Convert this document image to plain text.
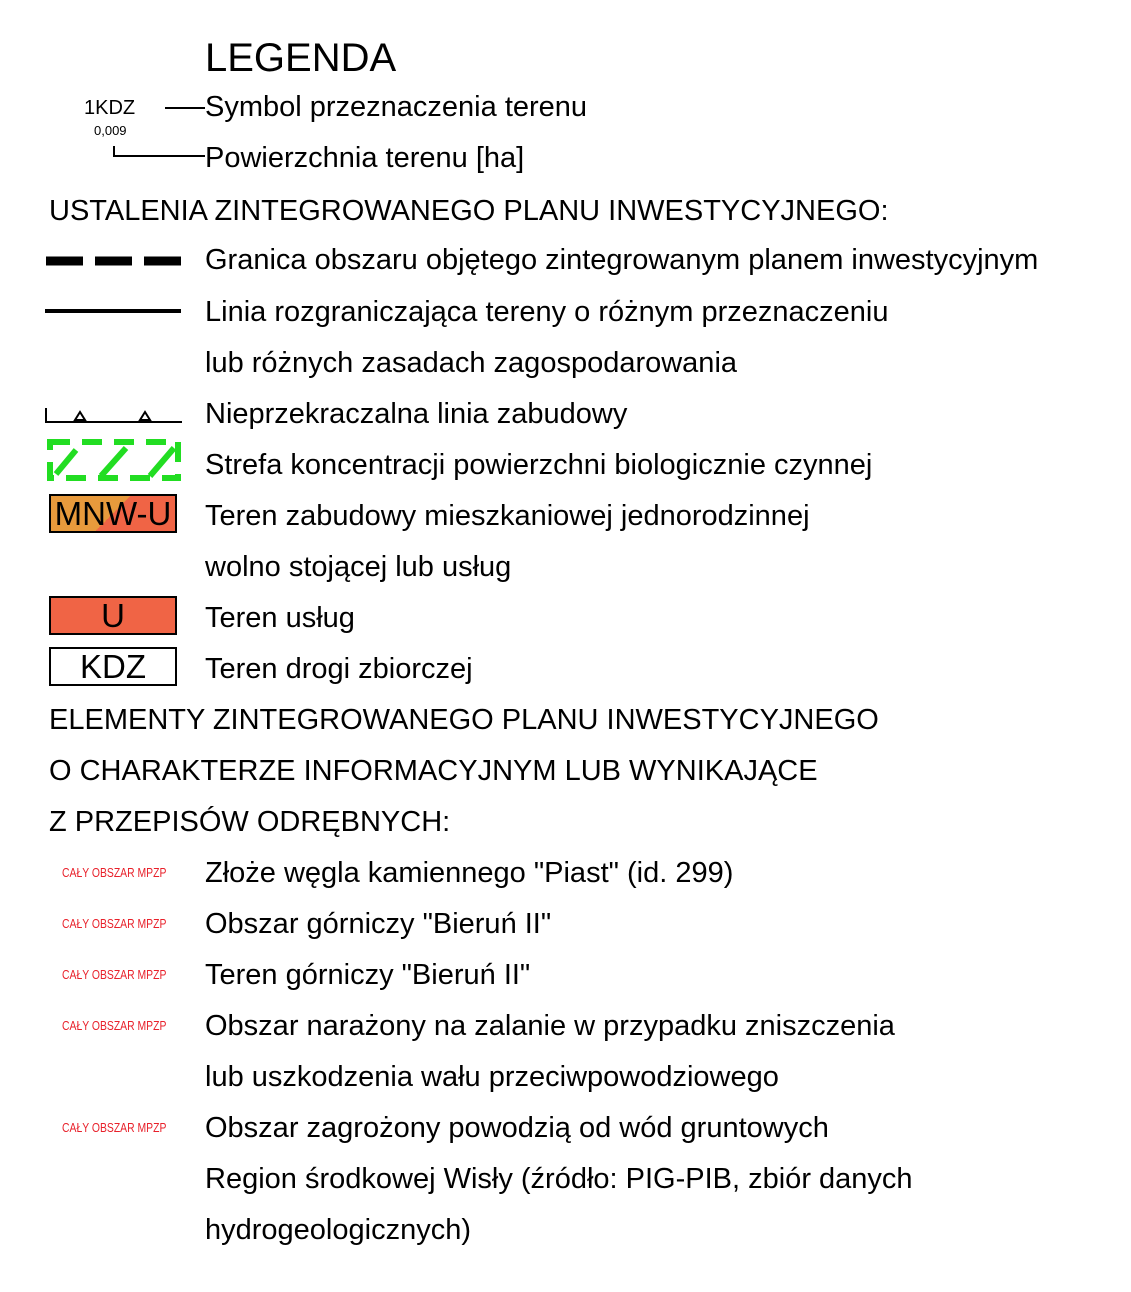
LEGENDA
1KDZ
0,009
Symbol przeznaczenia terenu
Powierzchnia terenu [ha]
USTALENIA ZINTEGROWANEGO PLANU INWESTYCYJNEGO:
Granica obszaru objętego zintegrowanym planem inwestycyjnym
Linia rozgraniczająca tereny o różnym przeznaczeniu
lub różnych zasadach zagospodarowania
Nieprzekraczalna linia zabudowy
Strefa koncentracji powierzchni biologicznie czynnej
MNW-U Teren zabudowy mieszkaniowej jednorodzinnej
wolno stojącej lub usług
U	Teren usług
KDZ	Teren drogi zbiorczej
ELEMENTY ZINTEGROWANEGO PLANU INWESTYCYJNEGO
O CHARAKTERZE INFORMACYJNYM LUB WYNIKAJĄCE
Z PRZEPISÓW ODRĘBNYCH:
CAŁY OBSZAR MPZP Złoże węgla kamiennego "Piast" (id. 299)
CAŁY OBSZAR MPZP Obszar górniczy "Bieruń II"
CAŁY OBSZAR MPZP Teren górniczy "Bieruń II"
CAŁY OBSZAR MPZP Obszar narażony na zalanie w przypadku zniszczenia
lub uszkodzenia wału przeciwpowodziowego
CAŁY OBSZAR MPZP Obszar zagrożony powodzią od wód gruntowych
Region środkowej Wisły (źródło: PIG-PIB, zbiór danych
hydrogeologicznych)
